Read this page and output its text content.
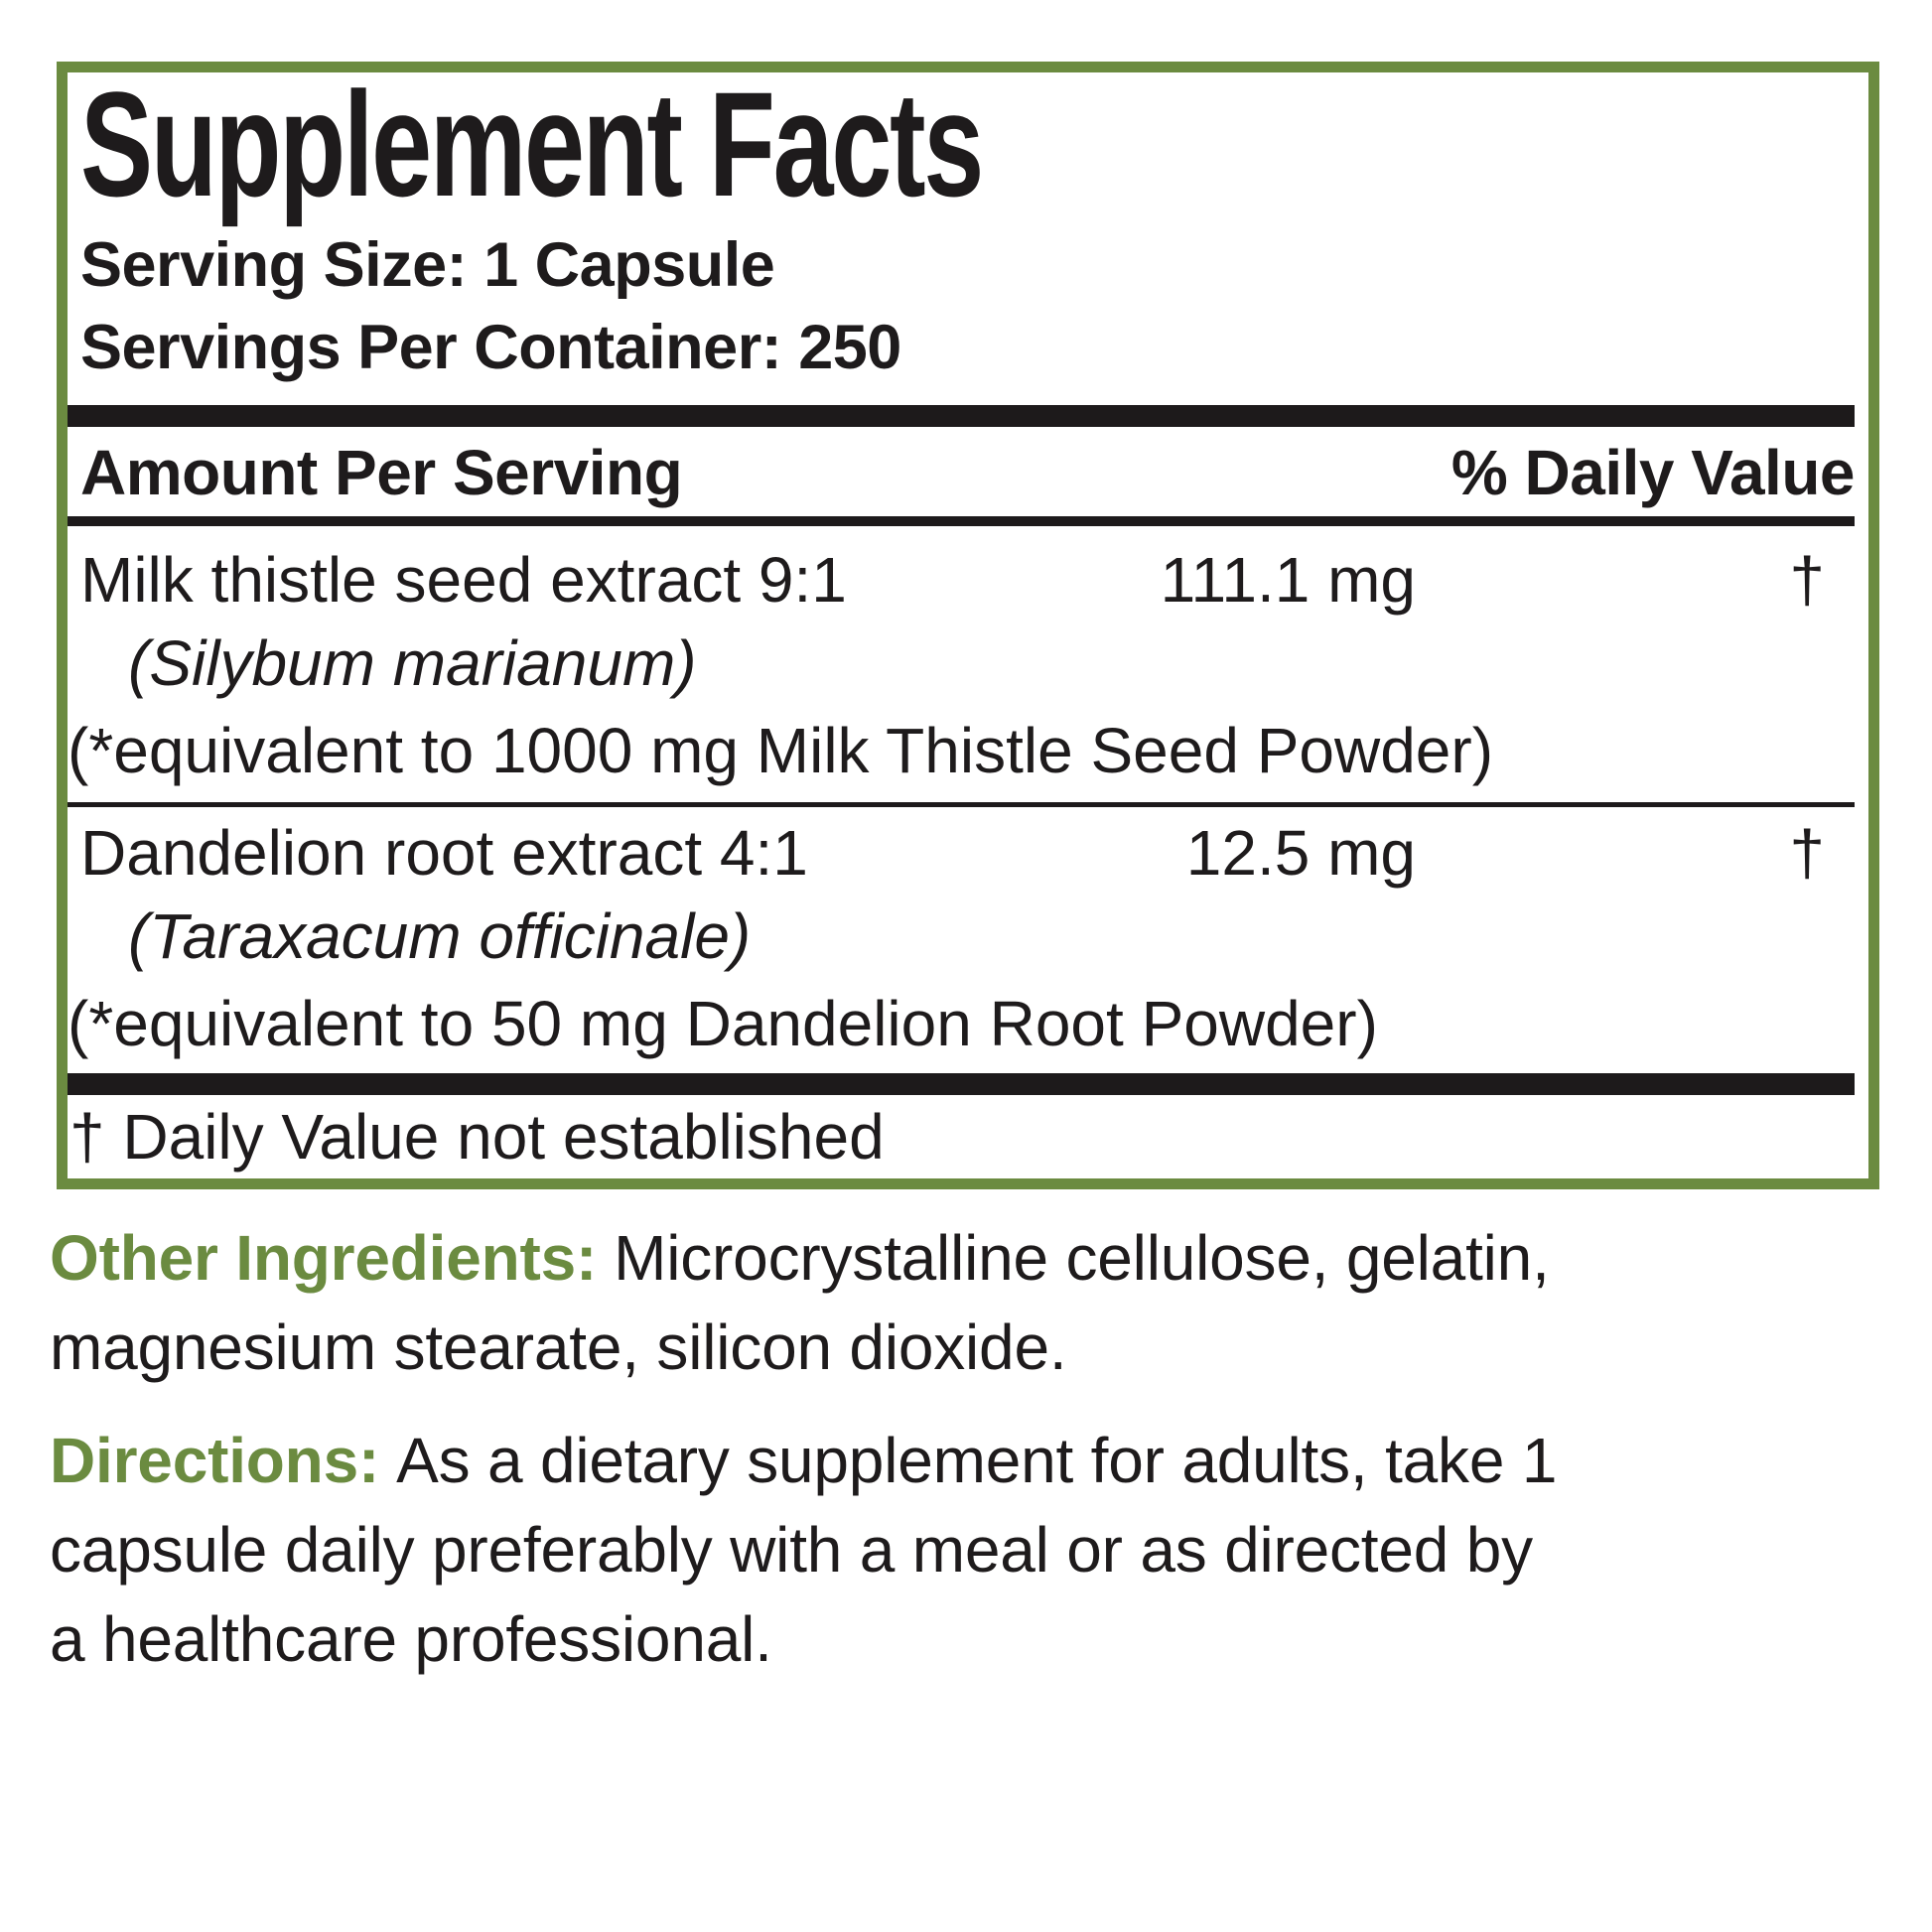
Supplement Facts

Serving Size: 1 Capsule

Servings Per Container: 250

Amount Per Serving	% Daily Value
Milk thistle seed extract 9:1	111.1 mg	†
(Silybum marianum)
(*equivalent to 1000 mg Milk Thistle Seed Powder)
Dandelion root extract 4:1	12.5 mg	†
(Taraxacum officinale)
(*equivalent to 50 mg Dandelion Root Powder)

† Daily Value not established

Other Ingredients: Microcrystalline cellulose, gelatin,
magnesium stearate, silicon dioxide.

Directions: As a dietary supplement for adults, take 1
capsule daily preferably with a meal or as directed by
a healthcare professional.
